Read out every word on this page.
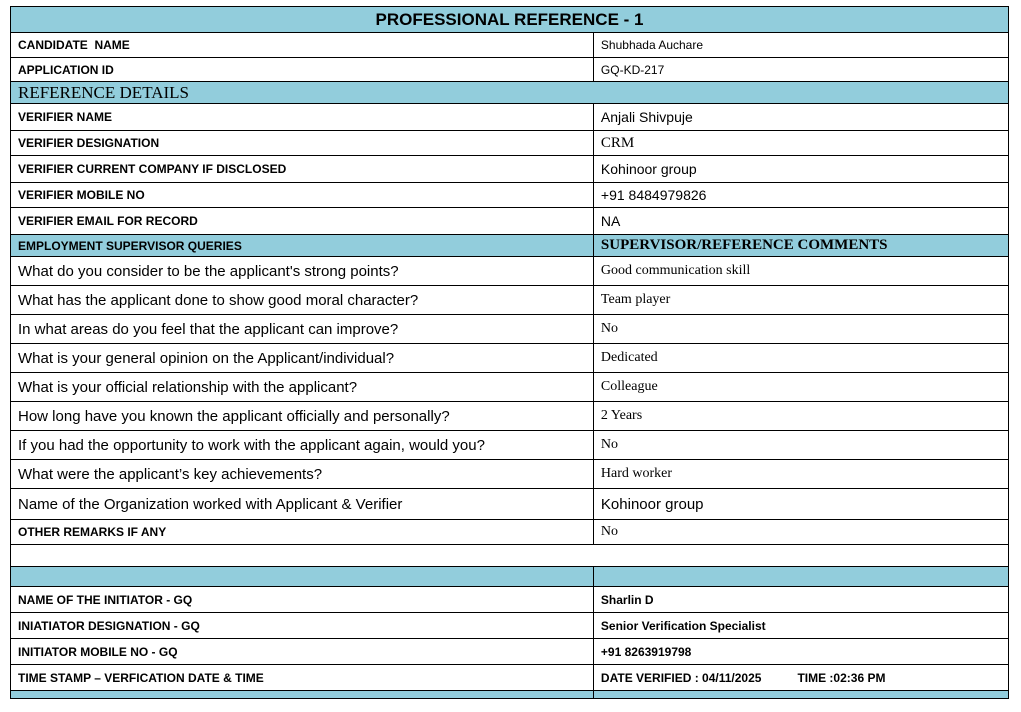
PROFESSIONAL REFERENCE - 1	
CANDIDATE  NAME	Shubhada Auchare
APPLICATION ID	GQ-KD-217
REFERENCE DETAILS	
VERIFIER NAME	Anjali Shivpuje
VERIFIER DESIGNATION	CRM
VERIFIER CURRENT COMPANY IF DISCLOSED	Kohinoor group
VERIFIER MOBILE NO	+91 8484979826
VERIFIER EMAIL FOR RECORD	NA
EMPLOYMENT SUPERVISOR QUERIES	SUPERVISOR/REFERENCE COMMENTS
What do you consider to be the applicant's strong points?	Good communication skill
What has the applicant done to show good moral character?	Team player
In what areas do you feel that the applicant can improve?	No
What is your general opinion on the Applicant/individual?	Dedicated
What is your official relationship with the applicant?	Colleague
How long have you known the applicant officially and personally?	2 Years
If you had the opportunity to work with the applicant again, would you?	No
What were the applicant’s key achievements?	Hard worker
Name of the Organization worked with Applicant & Verifier	Kohinoor group
OTHER REMARKS IF ANY	No

NAME OF THE INITIATOR - GQ	Sharlin D
INIATIATOR DESIGNATION - GQ	Senior Verification Specialist
INITIATOR MOBILE NO - GQ	+91 8263919798
TIME STAMP – VERFICATION DATE & TIME	DATE VERIFIED : 04/11/2025 TIME :02:36 PM
